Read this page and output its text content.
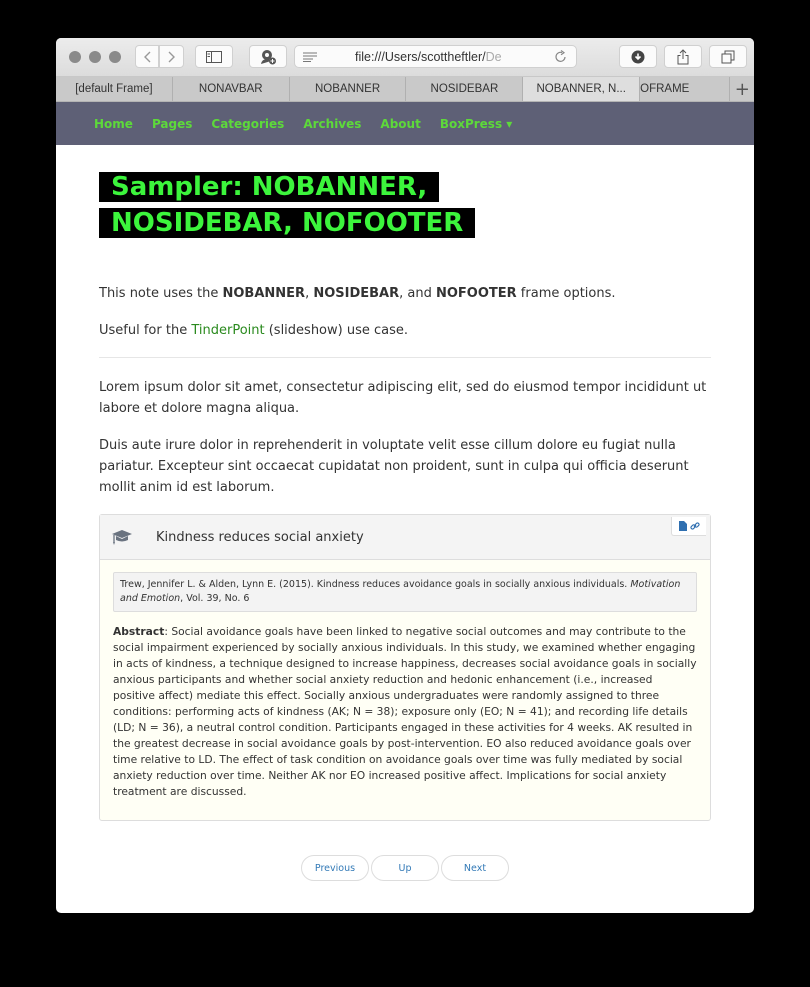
file:///Users/scottheftler/De
[default Frame]	NONAVBAR	NOBANNER	NOSIDEBAR	NOBANNER, N...	OFRAME	+
Home Pages Categories Archives About BoxPress ▾
Sampler: NOBANNER, NOSIDEBAR, NOFOOTER

This note uses the NOBANNER, NOSIDEBAR, and NOFOOTER frame options.

Useful for the TinderPoint (slideshow) use case.

Lorem ipsum dolor sit amet, consectetur adipiscing elit, sed do eiusmod tempor incididunt ut labore et dolore magna aliqua.

Duis aute irure dolor in reprehenderit in voluptate velit esse cillum dolore eu fugiat nulla pariatur. Excepteur sint occaecat cupidatat non proident, sunt in culpa qui officia deserunt mollit anim id est laborum.

Kindness reduces social anxiety
Trew, Jennifer L. & Alden, Lynn E. (2015). Kindness reduces avoidance goals in socially anxious individuals. Motivation and Emotion, Vol. 39, No. 6
Abstract: Social avoidance goals have been linked to negative social outcomes and may contribute to the social impairment experienced by socially anxious individuals. In this study, we examined whether engaging in acts of kindness, a technique designed to increase happiness, decreases social avoidance goals in socially anxious participants and whether social anxiety reduction and hedonic enhancement (i.e., increased positive affect) mediate this effect. Socially anxious undergraduates were randomly assigned to three conditions: performing acts of kindness (AK; N = 38); exposure only (EO; N = 41); and recording life details (LD; N = 36), a neutral control condition. Participants engaged in these activities for 4 weeks. AK resulted in the greatest decrease in social avoidance goals by post-intervention. EO also reduced avoidance goals over time relative to LD. The effect of task condition on avoidance goals over time was fully mediated by social anxiety reduction over time. Neither AK nor EO increased positive affect. Implications for social anxiety treatment are discussed.
Previous	Up	Next
